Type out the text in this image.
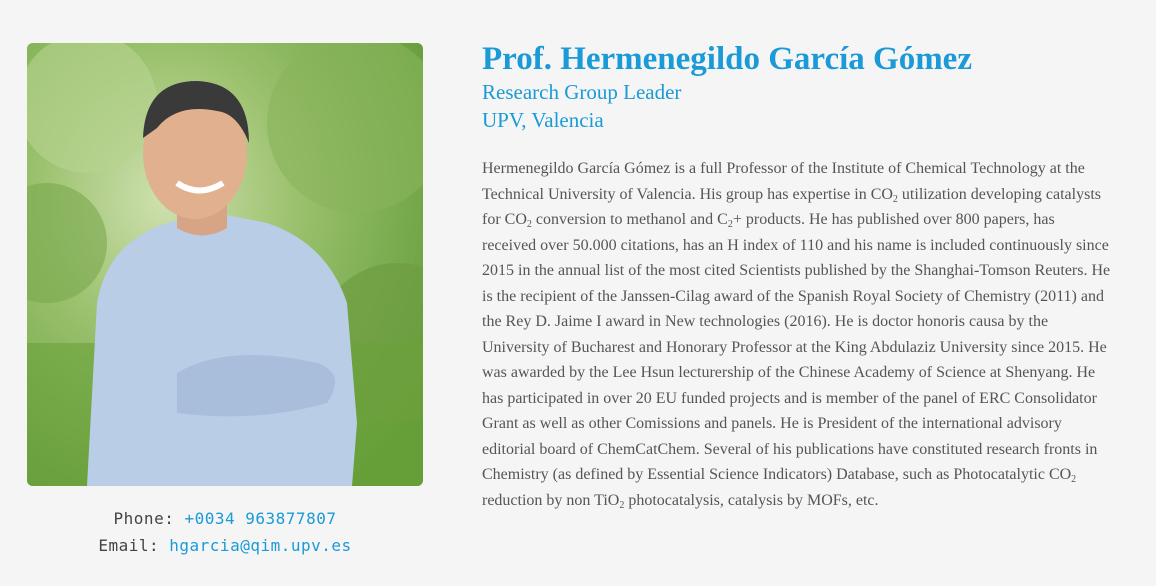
Phone: +0034 963877807
Email: hgarcia@qim.upv.es
Prof. Hermenegildo García Gómez
Research Group Leader
UPV, Valencia

Hermenegildo García Gómez is a full Professor of the Institute of Chemical Technology at the Technical University of Valencia. His group has expertise in $CO_2$ utilization developing catalysts for $CO_2$ conversion to methanol and $C_2+$ products. He has published over 800 papers, has received over 50.000 citations, has an H index of 110 and his name is included continuously since 2015 in the annual list of the most cited Scientists published by the Shanghai-Tomson Reuters. He is the recipient of the Janssen-Cilag award of the Spanish Royal Society of Chemistry (2011) and the Rey D. Jaime I award in New technologies (2016). He is doctor honoris causa by the University of Bucharest and Honorary Professor at the King Abdulaziz University since 2015. He was awarded by the Lee Hsun lecturership of the Chinese Academy of Science at Shenyang. He has participated in over 20 EU funded projects and is member of the panel of ERC Consolidator Grant as well as other Comissions and panels. He is President of the international advisory editorial board of ChemCatChem. Several of his publications have constituted research fronts in Chemistry (as defined by Essential Science Indicators) Database, such as Photocatalytic $CO_2$ reduction by non TiO$_2$ photocatalysis, catalysis by MOFs, etc.
